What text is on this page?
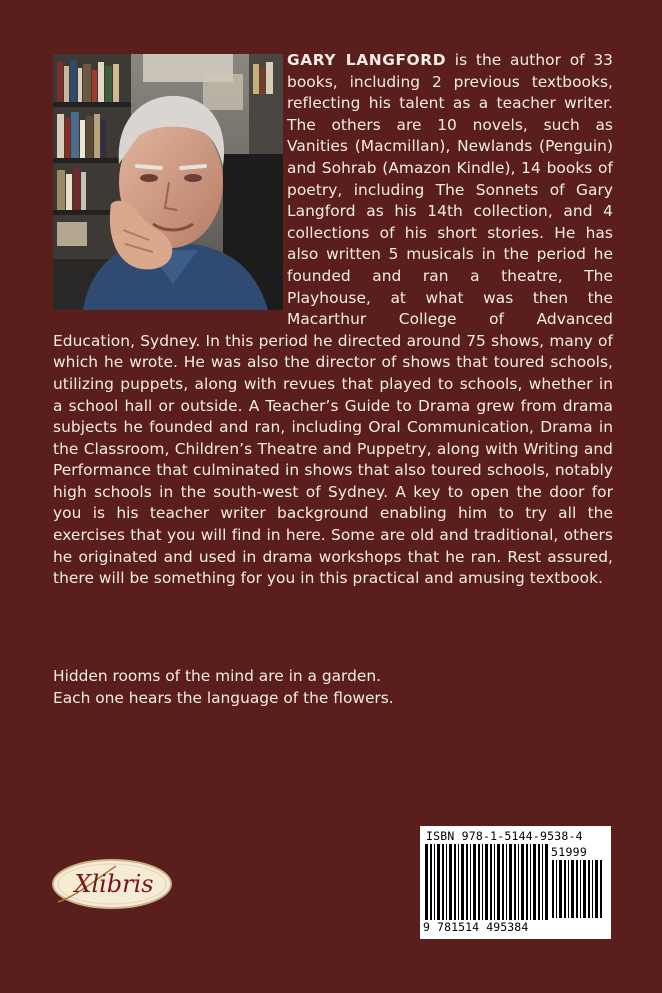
GARY LANGFORD is the author of 33 books, including 2 previous textbooks, reflecting his talent as a teacher writer. The others are 10 novels, such as Vanities (Macmillan), Newlands (Penguin) and Sohrab (Amazon Kindle), 14 books of poetry, including The Sonnets of Gary Langford as his 14th collection, and 4 collections of his short stories. He has also written 5 musicals in the period he founded and ran a theatre, The Playhouse, at what was then the Macarthur College of Advanced Education, Sydney. In this period he directed around 75 shows, many of which he wrote. He was also the director of shows that toured schools, utilizing puppets, along with revues that played to schools, whether in a school hall or outside. A Teacher’s Guide to Drama grew from drama subjects he founded and ran, including Oral Communication, Drama in the Classroom, Children’s Theatre and Puppetry, along with Writing and Performance that culminated in shows that also toured schools, notably high schools in the south-west of Sydney. A key to open the door for you is his teacher writer background enabling him to try all the exercises that you will find in here. Some are old and traditional, others he originated and used in drama workshops that he ran. Rest assured, there will be something for you in this practical and amusing textbook.
Hidden rooms of the mind are in a garden.
Each one hears the language of the flowers.
Xlibris
ISBN 978-1-5144-9538-4
51999
9 781514 495384
